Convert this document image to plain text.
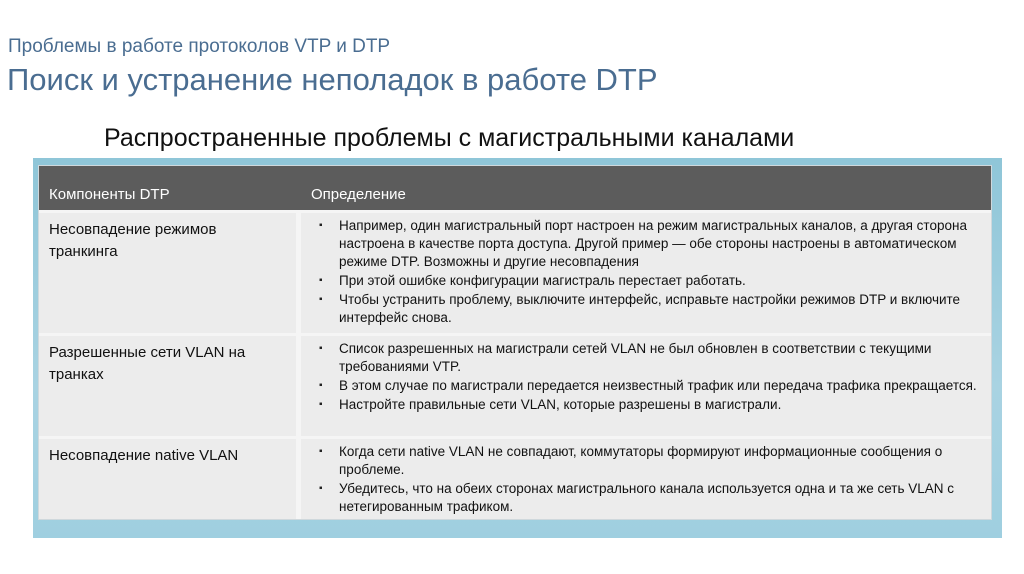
Проблемы в работе протоколов VTP и DTP
Поиск и устранение неполадок в работе DTP
Распространенные проблемы с магистральными каналами
Компоненты DTP	Определение
Несовпадение режимов транкинга
▪ Например, один магистральный порт настроен на режим магистральных каналов, а другая сторона настроена в качестве порта доступа. Другой пример — обе стороны настроены в автоматическом режиме DTP. Возможны и другие несовпадения
▪ При этой ошибке конфигурации магистраль перестает работать.
▪ Чтобы устранить проблему, выключите интерфейс, исправьте настройки режимов DTP и включите интерфейс снова.
Разрешенные сети VLAN на транках
▪ Список разрешенных на магистрали сетей VLAN не был обновлен в соответствии с текущими требованиями VTP.
▪ В этом случае по магистрали передается неизвестный трафик или передача трафика прекращается.
▪ Настройте правильные сети VLAN, которые разрешены в магистрали.
Несовпадение native VLAN
▪	Когда сети native VLAN не совпадают, коммутаторы формируют информационные сообщения о проблеме.
▪ Убедитесь, что на обеих сторонах магистрального канала используется одна и та же сеть VLAN с нетегированным трафиком.
